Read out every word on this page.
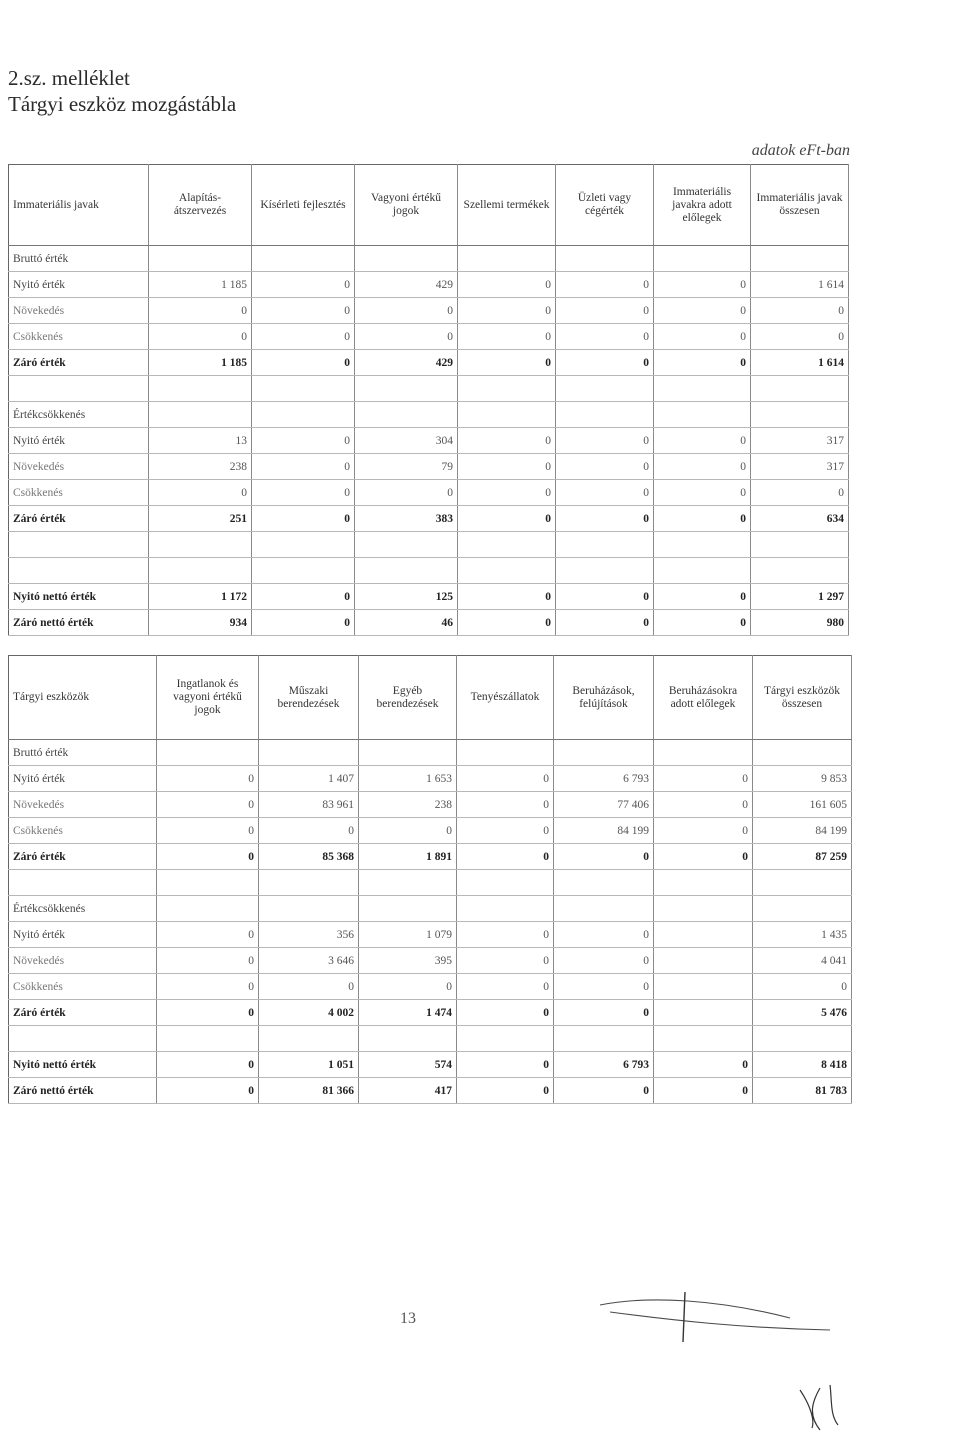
2.sz. melléklet
Tárgyi eszköz mozgástábla
adatok eFt-ban
Immateriális javak	Alapítás-átszervezés	Kísérleti fejlesztés	Vagyoni értékű jogok	Szellemi termékek	Üzleti vagy cégérték	Immateriális javakra adott előlegek	Immateriális javak összesen
Bruttó érték							
Nyitó érték	1 185	0	429	0	0	0	1 614
Növekedés	0	0	0	0	0	0	0
Csökkenés	0	0	0	0	0	0	0
Záró érték	1 185	0	429	0	0	0	1 614

Értékcsökkenés							
Nyitó érték	13	0	304	0	0	0	317
Növekedés	238	0	79	0	0	0	317
Csökkenés	0	0	0	0	0	0	0
Záró érték	251	0	383	0	0	0	634

Nyitó nettó érték	1 172	0	125	0	0	0	1 297
Záró nettó érték	934	0	46	0	0	0	980
Tárgyi eszközök	Ingatlanok és vagyoni értékű jogok	Műszaki berendezések	Egyéb berendezések	Tenyészállatok	Beruházások, felújítások	Beruházásokra adott előlegek	Tárgyi eszközök összesen
Bruttó érték							
Nyitó érték	0	1 407	1 653	0	6 793	0	9 853
Növekedés	0	83 961	238	0	77 406	0	161 605
Csökkenés	0	0	0	0	84 199	0	84 199
Záró érték	0	85 368	1 891	0	0	0	87 259

Értékcsökkenés							
Nyitó érték	0	356	1 079	0	0		1 435
Növekedés	0	3 646	395	0	0		4 041
Csökkenés	0	0	0	0	0		0
Záró érték	0	4 002	1 474	0	0		5 476

Nyitó nettó érték	0	1 051	574	0	6 793	0	8 418
Záró nettó érték	0	81 366	417	0	0	0	81 783
13
